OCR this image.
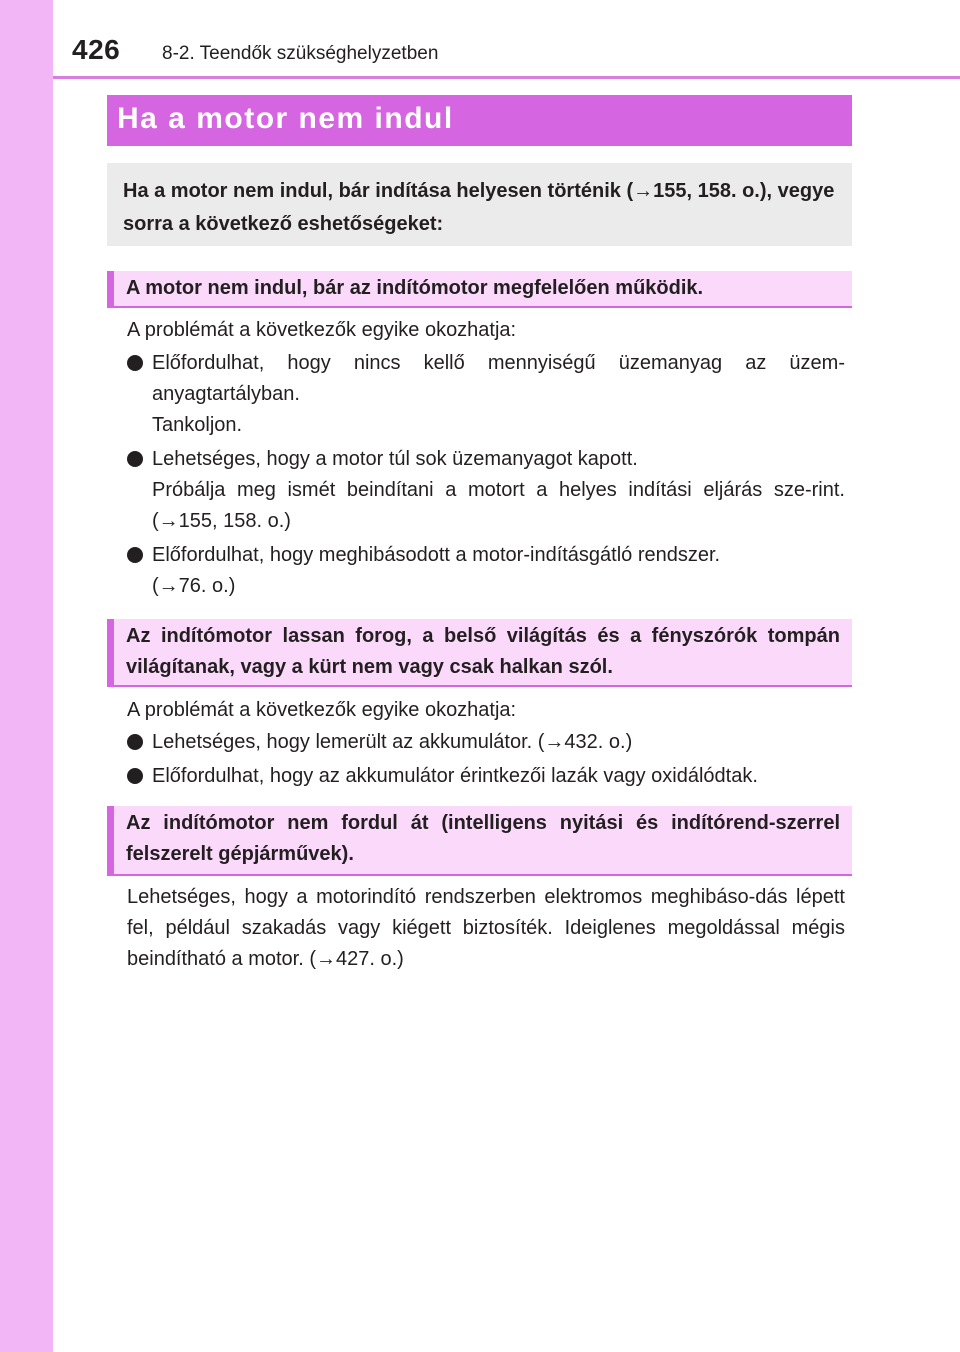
426 8-2. Teendők szükséghelyzetben
Ha a motor nem indul
Ha a motor nem indul, bár indítása helyesen történik (→155, 158. o.), vegye sorra a következő eshetőségeket:
A motor nem indul, bár az indítómotor megfelelően működik.
A problémát a következők egyike okozhatja:

Előfordulhat, hogy nincs kellő mennyiségű üzemanyag az üzem-anyagtartályban.

Tankoljon.

Lehetséges, hogy a motor túl sok üzemanyagot kapott.

Próbálja meg ismét beindítani a motort a helyes indítási eljárás sze-rint. (→155, 158. o.)

Előfordulhat, hogy meghibásodott a motor-indításgátló rendszer.

(→76. o.)

Az indítómotor lassan forog, a belső világítás és a fényszórók tompán világítanak, vagy a kürt nem vagy csak halkan szól.
A problémát a következők egyike okozhatja:

Lehetséges, hogy lemerült az akkumulátor. (→432. o.)

Előfordulhat, hogy az akkumulátor érintkezői lazák vagy oxidálódtak.

Az indítómotor nem fordul át (intelligens nyitási és indítórend-szerrel felszerelt gépjárművek).

Lehetséges, hogy a motorindító rendszerben elektromos meghibáso-dás lépett fel, például szakadás vagy kiégett biztosíték. Ideiglenes megoldással mégis beindítható a motor. (→427. o.)
